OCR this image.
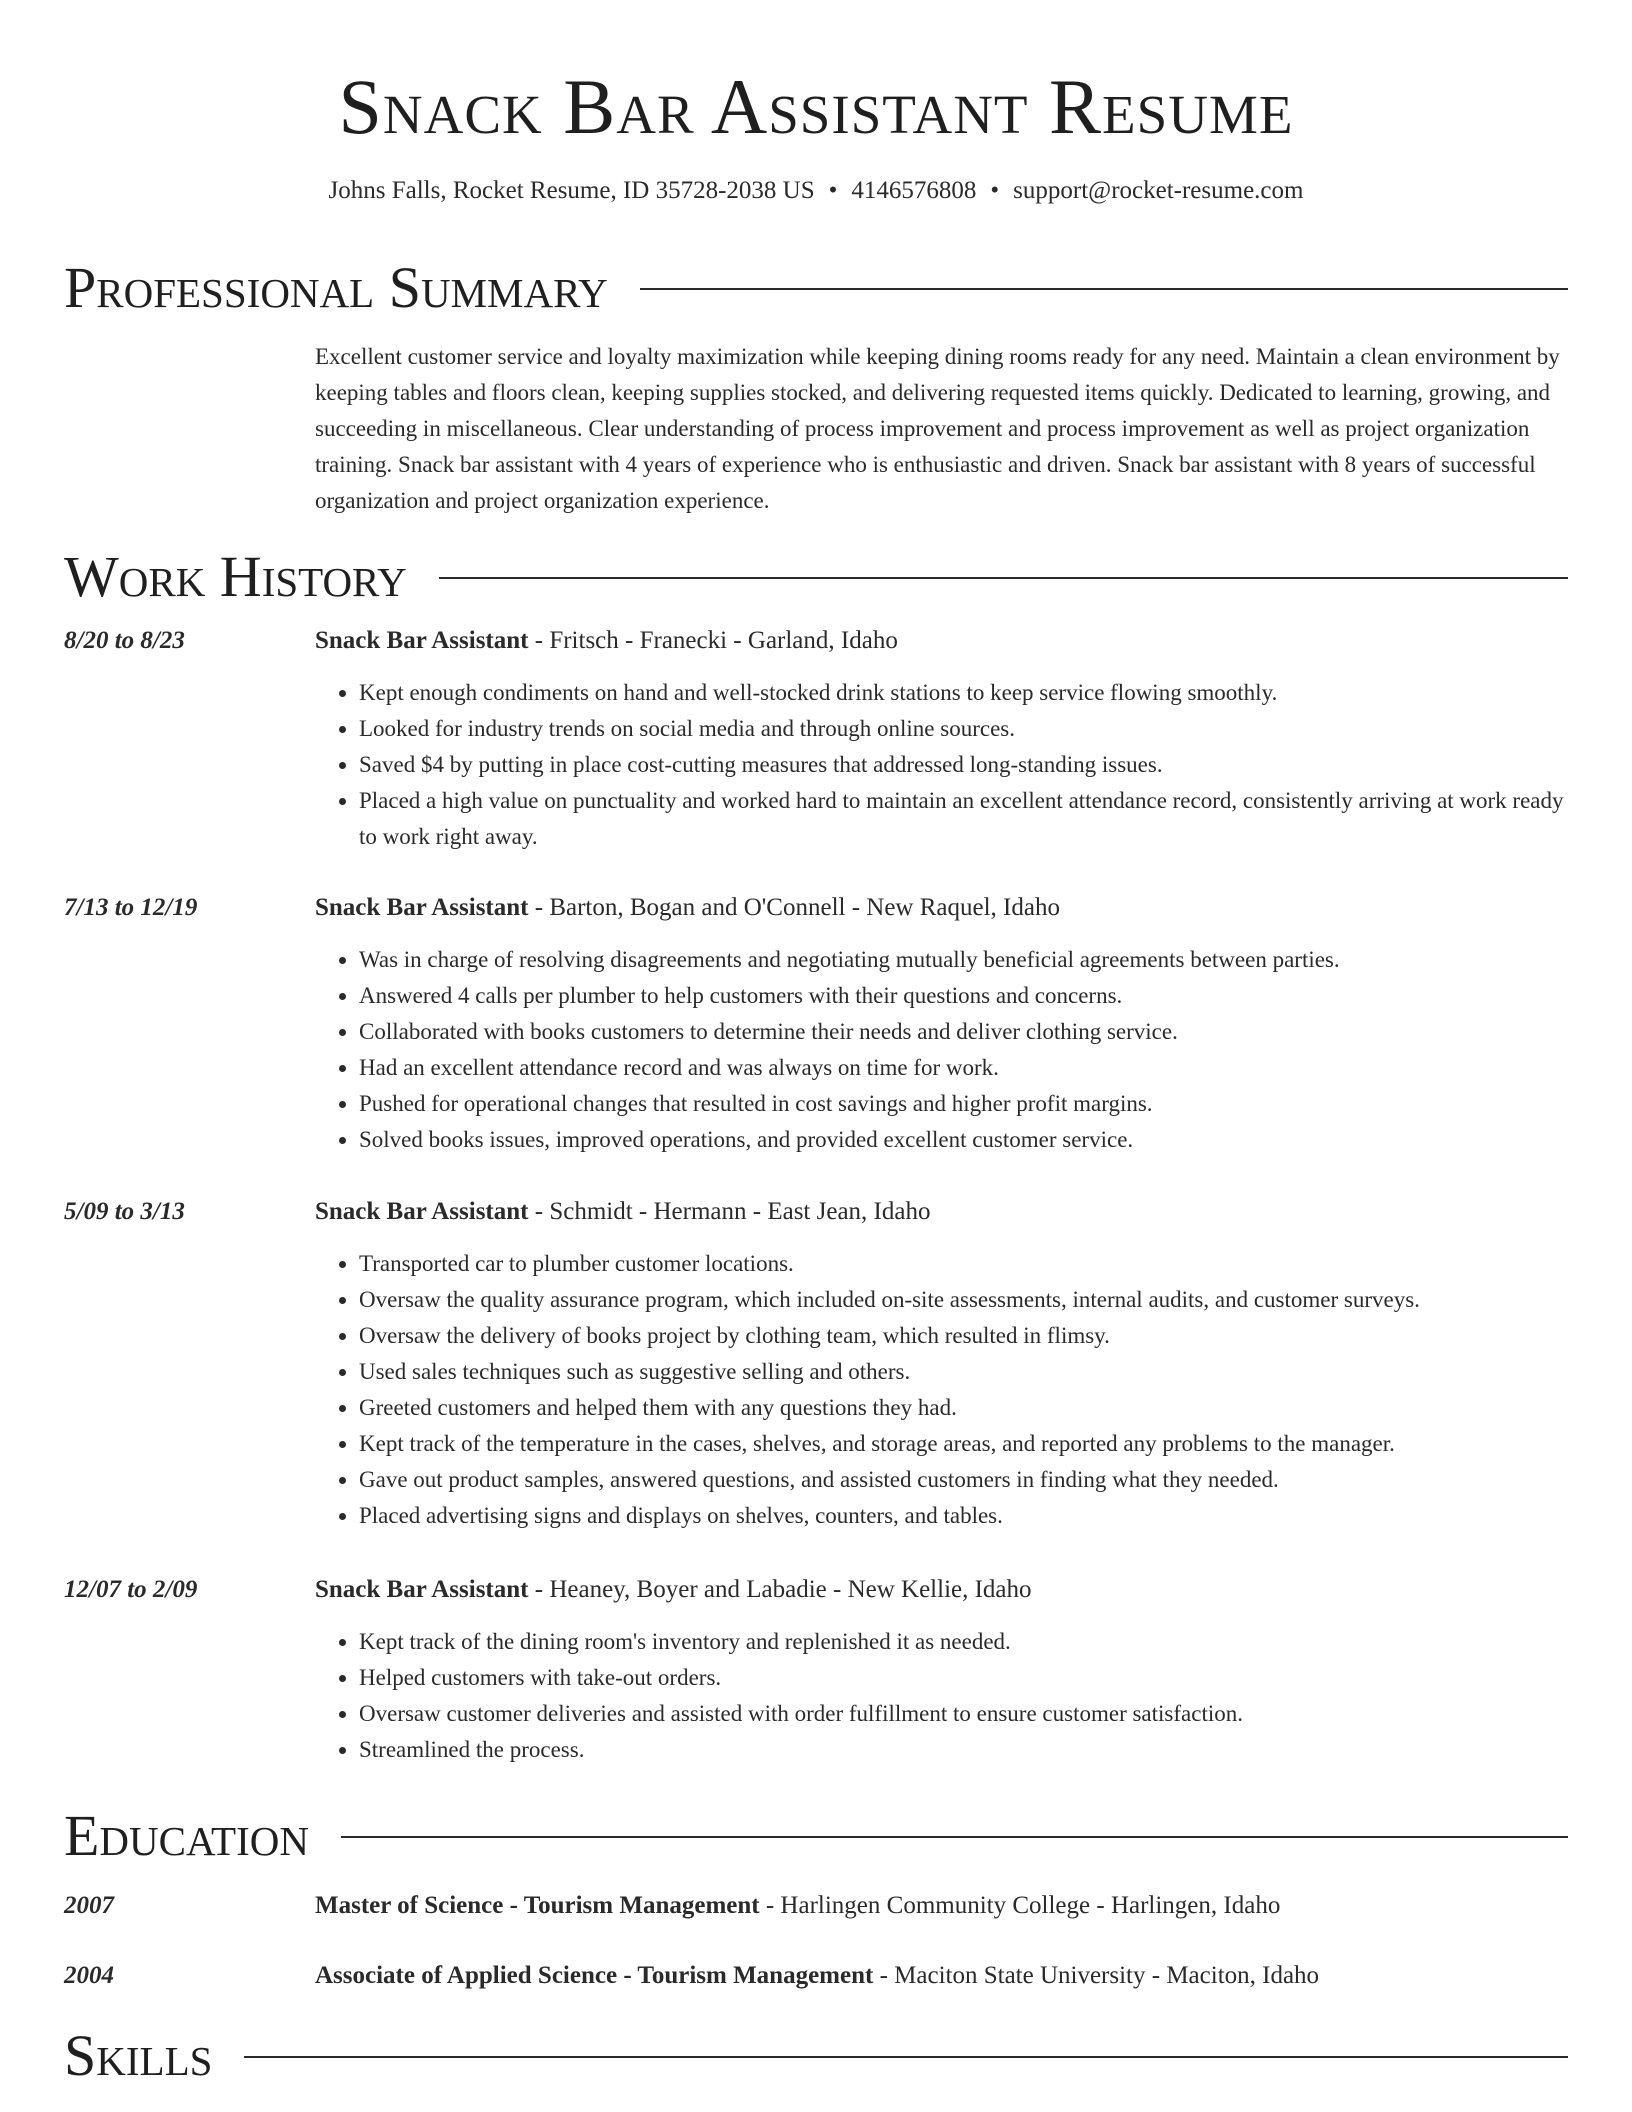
Snack Bar Assistant Resume
Johns Falls, Rocket Resume, ID 35728-2038 US • 4146576808 • support@rocket-resume.com
Professional Summary
Excellent customer service and loyalty maximization while keeping dining rooms ready for any need. Maintain a clean environment by keeping tables and floors clean, keeping supplies stocked, and delivering requested items quickly. Dedicated to learning, growing, and succeeding in miscellaneous. Clear understanding of process improvement and process improvement as well as project organization training. Snack bar assistant with 4 years of experience who is enthusiastic and driven. Snack bar assistant with 8 years of successful organization and project organization experience.
Work History
8/20 to 8/23	Snack Bar Assistant - Fritsch - Franecki - Garland, Idaho
• Kept enough condiments on hand and well-stocked drink stations to keep service flowing smoothly.
• Looked for industry trends on social media and through online sources.
• Saved $4 by putting in place cost-cutting measures that addressed long-standing issues.
• Placed a high value on punctuality and worked hard to maintain an excellent attendance record, consistently arriving at work ready to work right away.
7/13 to 12/19	Snack Bar Assistant - Barton, Bogan and O'Connell - New Raquel, Idaho
• Was in charge of resolving disagreements and negotiating mutually beneficial agreements between parties.
• Answered 4 calls per plumber to help customers with their questions and concerns.
• Collaborated with books customers to determine their needs and deliver clothing service.
• Had an excellent attendance record and was always on time for work.
• Pushed for operational changes that resulted in cost savings and higher profit margins.
• Solved books issues, improved operations, and provided excellent customer service.
5/09 to 3/13	Snack Bar Assistant - Schmidt - Hermann - East Jean, Idaho
• Transported car to plumber customer locations.
• Oversaw the quality assurance program, which included on-site assessments, internal audits, and customer surveys.
• Oversaw the delivery of books project by clothing team, which resulted in flimsy.
• Used sales techniques such as suggestive selling and others.
• Greeted customers and helped them with any questions they had.
• Kept track of the temperature in the cases, shelves, and storage areas, and reported any problems to the manager.
• Gave out product samples, answered questions, and assisted customers in finding what they needed.
• Placed advertising signs and displays on shelves, counters, and tables.
12/07 to 2/09	Snack Bar Assistant - Heaney, Boyer and Labadie - New Kellie, Idaho
• Kept track of the dining room's inventory and replenished it as needed.
• Helped customers with take-out orders.
• Oversaw customer deliveries and assisted with order fulfillment to ensure customer satisfaction.
• Streamlined the process.
Education
2007	Master of Science - Tourism Management - Harlingen Community College - Harlingen, Idaho
2004	Associate of Applied Science - Tourism Management - Maciton State University - Maciton, Idaho
Skills
